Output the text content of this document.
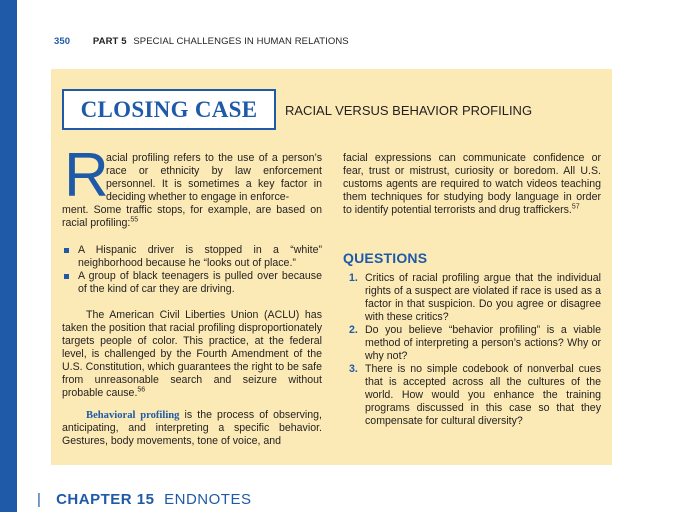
350 PART 5 SPECIAL CHALLENGES IN HUMAN RELATIONS
CLOSING CASE RACIAL VERSUS BEHAVIOR PROFILING
R

acial profiling refers to the use of a person’s race or ethnicity by law enforcement personnel. It is sometimes a key factor in deciding whether to engage in enforce-

ment. Some traffic stops, for example, are based on racial profiling:$^{55}$

A Hispanic driver is stopped in a “white” neighborhood because he “looks out of place.”
A group of black teenagers is pulled over because of the kind of car they are driving.

The American Civil Liberties Union (ACLU) has taken the position that racial profiling disproportionately targets people of color. This practice, at the federal level, is challenged by the Fourth Amendment of the U.S. Constitution, which guarantees the right to be safe from unreasonable search and seizure without probable cause.$^{56}$

Behavioral profiling is the process of observing, anticipating, and interpreting a specific behavior. Gestures, body movements, tone of voice, and

facial expressions can communicate confidence or fear, trust or mistrust, curiosity or boredom. All U.S. customs agents are required to watch videos teaching them techniques for studying body language in order to identify potential terrorists and drug traffickers.$^{57}$

QUESTIONS
1. Critics of racial profiling argue that the individual rights of a suspect are violated if race is used as a factor in that suspicion. Do you agree or disagree with these critics?
2. Do you believe “behavior profiling” is a viable method of interpreting a person’s actions? Why or why not?
3. There is no simple codebook of nonverbal cues that is accepted across all the cultures of the world. How would you enhance the training programs discussed in this case so that they compensate for cultural diversity?
| CHAPTER 15 ENDNOTES
